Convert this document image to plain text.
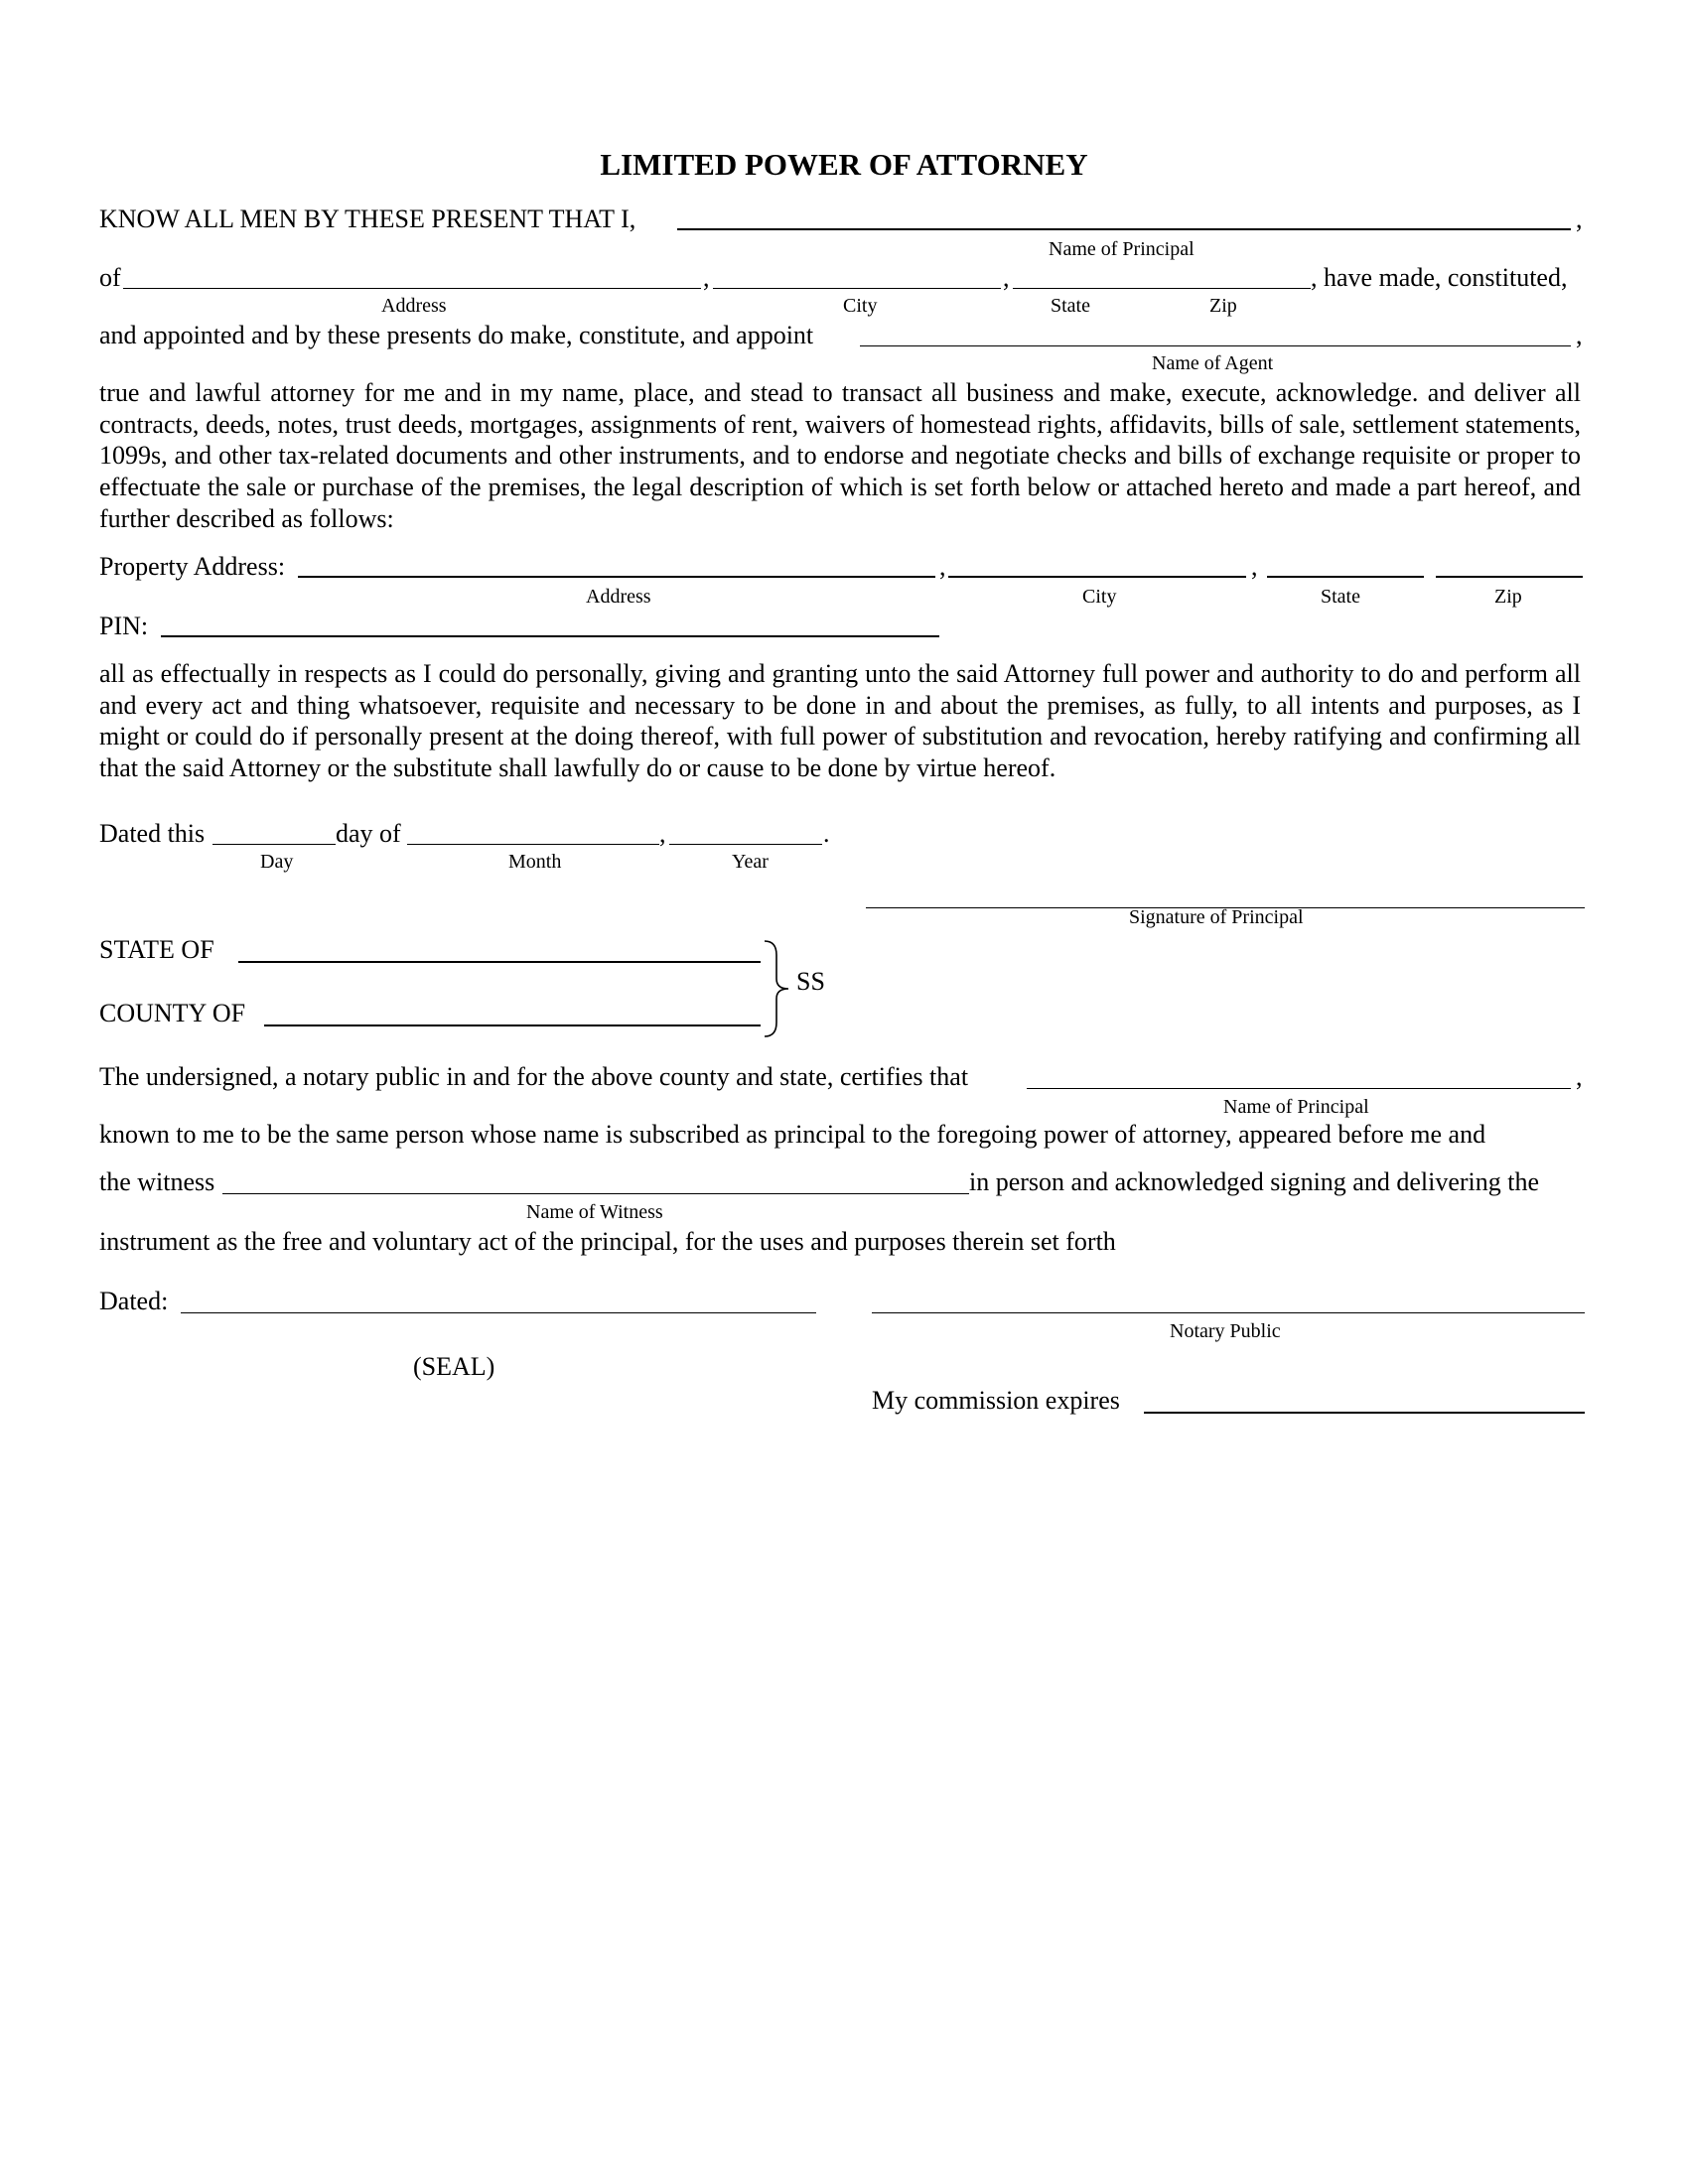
LIMITED POWER OF ATTORNEY
KNOW ALL MEN BY THESE PRESENT THAT I,	,
Name of Principal
of	,	,	, have made, constituted,
Address	City	State	Zip
and appointed and by these presents do make, constitute, and appoint	,
Name of Agent
true and lawful attorney for me and in my name, place, and stead to transact all business and make, execute, acknowledge. and deliver all contracts, deeds, notes, trust deeds, mortgages, assignments of rent, waivers of homestead rights, affidavits, bills of sale, settlement statements, 1099s, and other tax-related documents and other instruments, and to endorse and negotiate checks and bills of exchange requisite or proper to effectuate the sale or purchase of the premises, the legal description of which is set forth below or attached hereto and made a part hereof, and further described as follows:
Property Address:	,	,
Address	City	State	Zip
PIN:
all as effectually in respects as I could do personally, giving and granting unto the said Attorney full power and authority to do and perform all and every act and thing whatsoever, requisite and necessary to be done in and about the premises, as fully, to all intents and purposes, as I might or could do if personally present at the doing thereof, with full power of substitution and revocation, hereby ratifying and confirming all that the said Attorney or the substitute shall lawfully do or cause to be done by virtue hereof.
Dated this	day of	,	.
Day	Month	Year
Signature of Principal
STATE OF
COUNTY OF
SS
The undersigned, a notary public in and for the above county and state, certifies that	,
Name of Principal
known to me to be the same person whose name is subscribed as principal to the foregoing power of attorney, appeared before me and
the witness	in person and acknowledged signing and delivering the
Name of Witness
instrument as the free and voluntary act of the principal, for the uses and purposes therein set forth
Dated:
Notary Public
(SEAL)
My commission expires
